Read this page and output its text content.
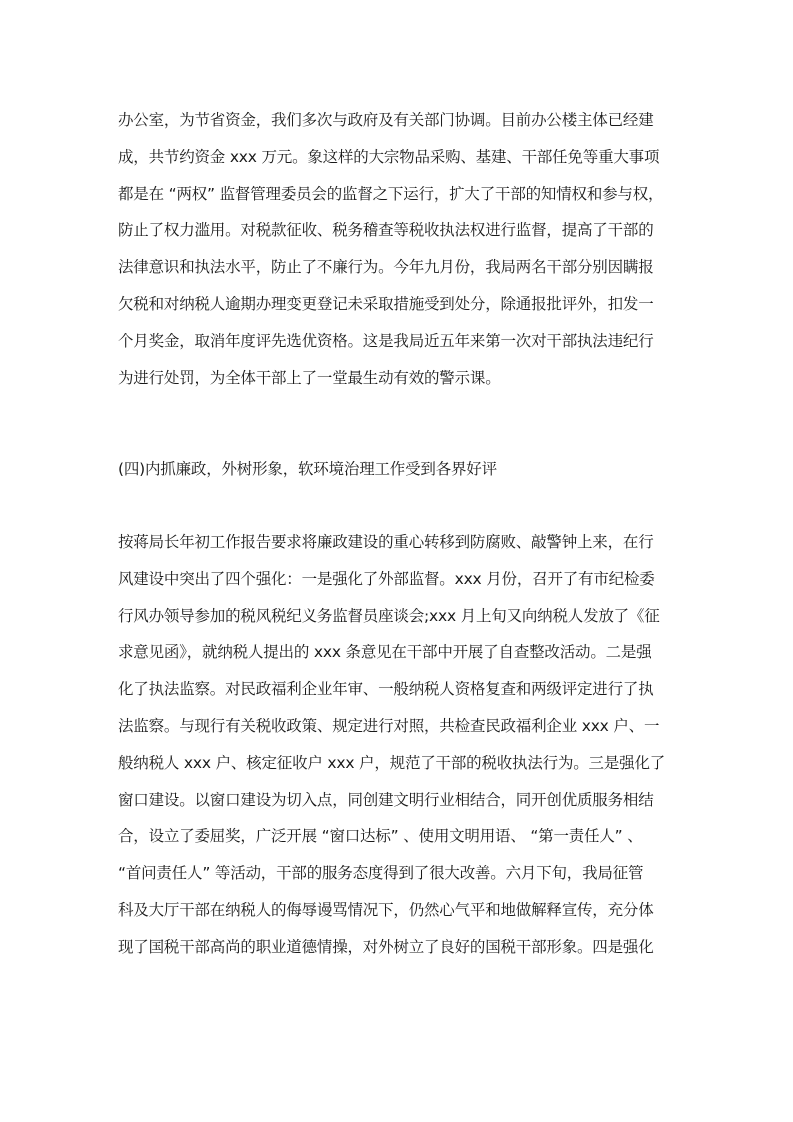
办公室，为节省资金，我们多次与政府及有关部门协调。目前办公楼主体已经建
成，共节约资金 xxx 万元。象这样的大宗物品采购、基建、干部任免等重大事项
都是在 “两权” 监督管理委员会的监督之下运行，扩大了干部的知情权和参与权，
防止了权力滥用。对税款征收、税务稽查等税收执法权进行监督，提高了干部的
法律意识和执法水平，防止了不廉行为。今年九月份，我局两名干部分别因瞒报
欠税和对纳税人逾期办理变更登记未采取措施受到处分，除通报批评外，扣发一
个月奖金，取消年度评先选优资格。这是我局近五年来第一次对干部执法违纪行
为进行处罚，为全体干部上了一堂最生动有效的警示课。
(四)内抓廉政，外树形象，软环境治理工作受到各界好评
按蒋局长年初工作报告要求将廉政建设的重心转移到防腐败、敲警钟上来，在行
风建设中突出了四个强化：一是强化了外部监督。xxx 月份，召开了有市纪检委
行风办领导参加的税风税纪义务监督员座谈会;xxx 月上旬又向纳税人发放了《征
求意见函》，就纳税人提出的 xxx 条意见在干部中开展了自查整改活动。二是强
化了执法监察。对民政福利企业年审、一般纳税人资格复查和两级评定进行了执
法监察。与现行有关税收政策、规定进行对照，共检查民政福利企业 xxx 户、一
般纳税人 xxx 户、核定征收户 xxx 户，规范了干部的税收执法行为。三是强化了
窗口建设。以窗口建设为切入点，同创建文明行业相结合，同开创优质服务相结
合，设立了委屈奖，广泛开展 “窗口达标” 、使用文明用语、 “第一责任人” 、
“首问责任人” 等活动，干部的服务态度得到了很大改善。六月下旬，我局征管
科及大厅干部在纳税人的侮辱谩骂情况下，仍然心气平和地做解释宣传，充分体
现了国税干部高尚的职业道德情操，对外树立了良好的国税干部形象。四是强化
